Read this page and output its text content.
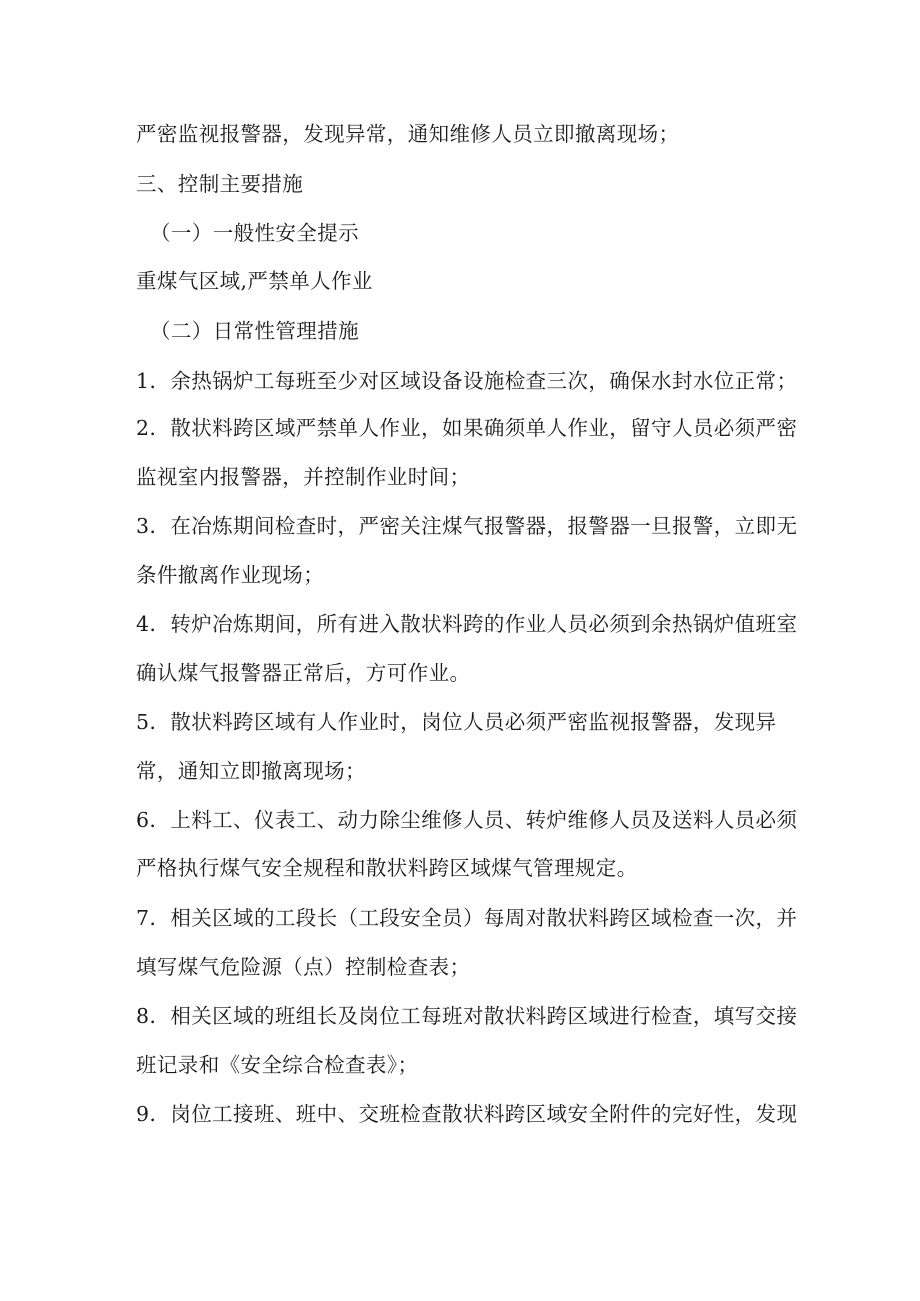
严密监视报警器，发现异常，通知维修人员立即撤离现场；
三、控制主要措施
（一）一般性安全提示
重煤气区域,严禁单人作业
（二）日常性管理措施
1．余热锅炉工每班至少对区域设备设施检查三次，确保水封水位正常；
2．散状料跨区域严禁单人作业，如果确须单人作业，留守人员必须严密
监视室内报警器，并控制作业时间；
3．在冶炼期间检查时，严密关注煤气报警器，报警器一旦报警，立即无
条件撤离作业现场；
4．转炉冶炼期间，所有进入散状料跨的作业人员必须到余热锅炉值班室
确认煤气报警器正常后，方可作业。
5．散状料跨区域有人作业时，岗位人员必须严密监视报警器，发现异
常，通知立即撤离现场；
6．上料工、仪表工、动力除尘维修人员、转炉维修人员及送料人员必须
严格执行煤气安全规程和散状料跨区域煤气管理规定。
7．相关区域的工段长（工段安全员）每周对散状料跨区域检查一次，并
填写煤气危险源（点）控制检查表；
8．相关区域的班组长及岗位工每班对散状料跨区域进行检查，填写交接
班记录和《安全综合检查表》；
9．岗位工接班、班中、交班检查散状料跨区域安全附件的完好性，发现
